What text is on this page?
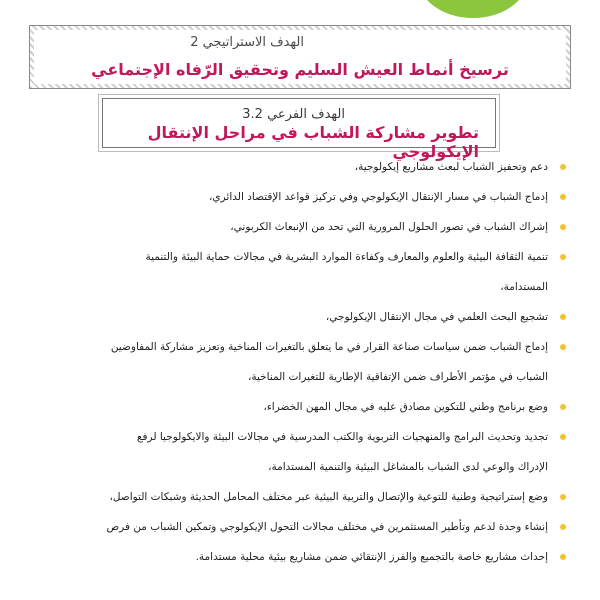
الهدف الاستراتيجي 2
ترسيخ أنماط العيش السليم وتحقيق الرّفاه الإجتماعي
الهدف الفرعي 3.2
تطوير مشاركة الشباب في مراحل الإنتقال الإيكولوجي
دعم وتحفيز الشباب لبعث مشاريع إيكولوجية،
إدماج الشباب في مسار الإنتقال الإيكولوجي وفي تركيز قواعد الإقتصاد الدائري،
إشراك الشباب في تصور الحلول المرورية التي تحد من الإنبعاث الكربوني،
تنمية الثقافة البيئية والعلوم والمعارف وكفاءة الموارد البشرية في مجالات حماية البيئة والتنمية
المستدامة،
تشجيع البحث العلمي في مجال الإنتقال الإيكولوجي،
إدماج الشباب ضمن سياسات صناعة القرار في ما يتعلق بالتغيرات المناخية وتعزيز مشاركة المفاوضين
الشباب في مؤتمر الأطراف ضمن الإتفاقية الإطارية للتغيرات المناخية،
وضع برنامج وطني للتكوين مصادق عليه في مجال المهن الخضراء،
تجديد وتحديث البرامج والمنهجيات التربوية والكتب المدرسية في مجالات البيئة والايكولوجيا لرفع
الإدراك والوعي لدى الشباب بالمشاغل البيئية والتنمية المستدامة،
وضع إستراتيجية وطنية للتوعية والإتصال والتربية البيئية عبر مختلف المحامل الحديثة وشبكات التواصل،
إنشاء وحدة لدعم وتأطير المستثمرين في مختلف مجالات التحول الإيكولوجي وتمكين الشباب من فرص
إحداث مشاريع خاصة بالتجميع والفرز الإنتقائي ضمن مشاريع بيئية محلية مستدامة.
